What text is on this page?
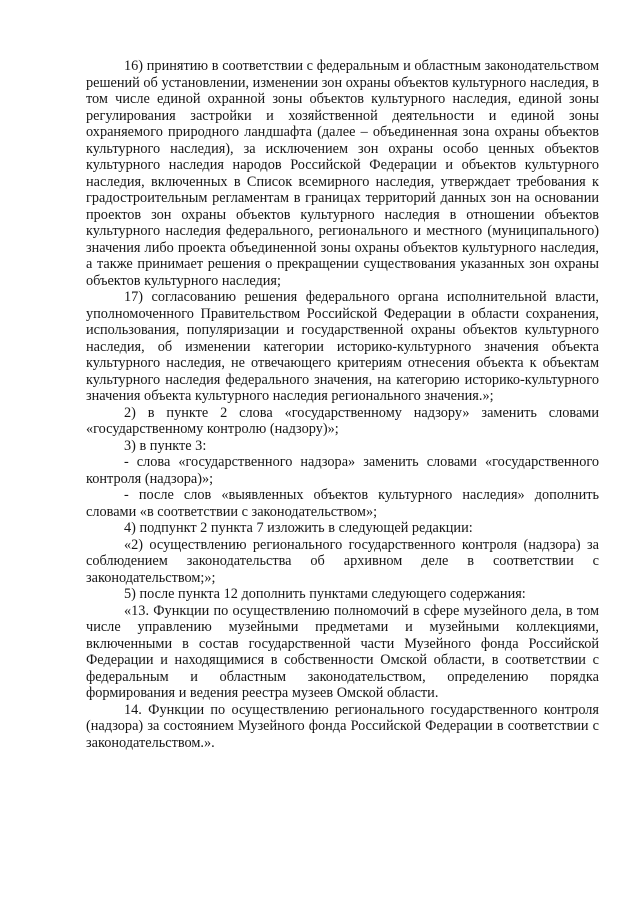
16) принятию в соответствии с федеральным и областным законодательством решений об установлении, изменении зон охраны объектов культурного наследия, в том числе единой охранной зоны объектов культурного наследия, единой зоны регулирования застройки и хозяйственной деятельности и единой зоны охраняемого природного ландшафта (далее – объединенная зона охраны объектов культурного наследия), за исключением зон охраны особо ценных объектов культурного наследия народов Российской Федерации и объектов культурного наследия, включенных в Список всемирного наследия, утверждает требования к градостроительным регламентам в границах территорий данных зон на основании проектов зон охраны объектов культурного наследия в отношении объектов культурного наследия федерального, регионального и местного (муниципального) значения либо проекта объединенной зоны охраны объектов культурного наследия, а также принимает решения о прекращении существования указанных зон охраны объектов культурного наследия;

17) согласованию решения федерального органа исполнительной власти, уполномоченного Правительством Российской Федерации в области сохранения, использования, популяризации и государственной охраны объектов культурного наследия, об изменении категории историко-культурного значения объекта культурного наследия, не отвечающего критериям отнесения объекта к объектам культурного наследия федерального значения, на категорию историко-культурного значения объекта культурного наследия регионального значения.»;

2) в пункте 2 слова «государственному надзору» заменить словами «государственному контролю (надзору)»;

3) в пункте 3:

- слова «государственного надзора» заменить словами «государственного контроля (надзора)»;

- после слов «выявленных объектов культурного наследия» дополнить словами «в соответствии с законодательством»;

4) подпункт 2 пункта 7 изложить в следующей редакции:

«2) осуществлению регионального государственного контроля (надзора) за соблюдением законодательства об архивном деле в соответствии с законодательством;»;

5) после пункта 12 дополнить пунктами следующего содержания:

«13. Функции по осуществлению полномочий в сфере музейного дела, в том числе управлению музейными предметами и музейными коллекциями, включенными в состав государственной части Музейного фонда Российской Федерации и находящимися в собственности Омской области, в соответствии с федеральным и областным законодательством, определению порядка формирования и ведения реестра музеев Омской области.

14. Функции по осуществлению регионального государственного контроля (надзора) за состоянием Музейного фонда Российской Федерации в соответствии с законодательством.».
